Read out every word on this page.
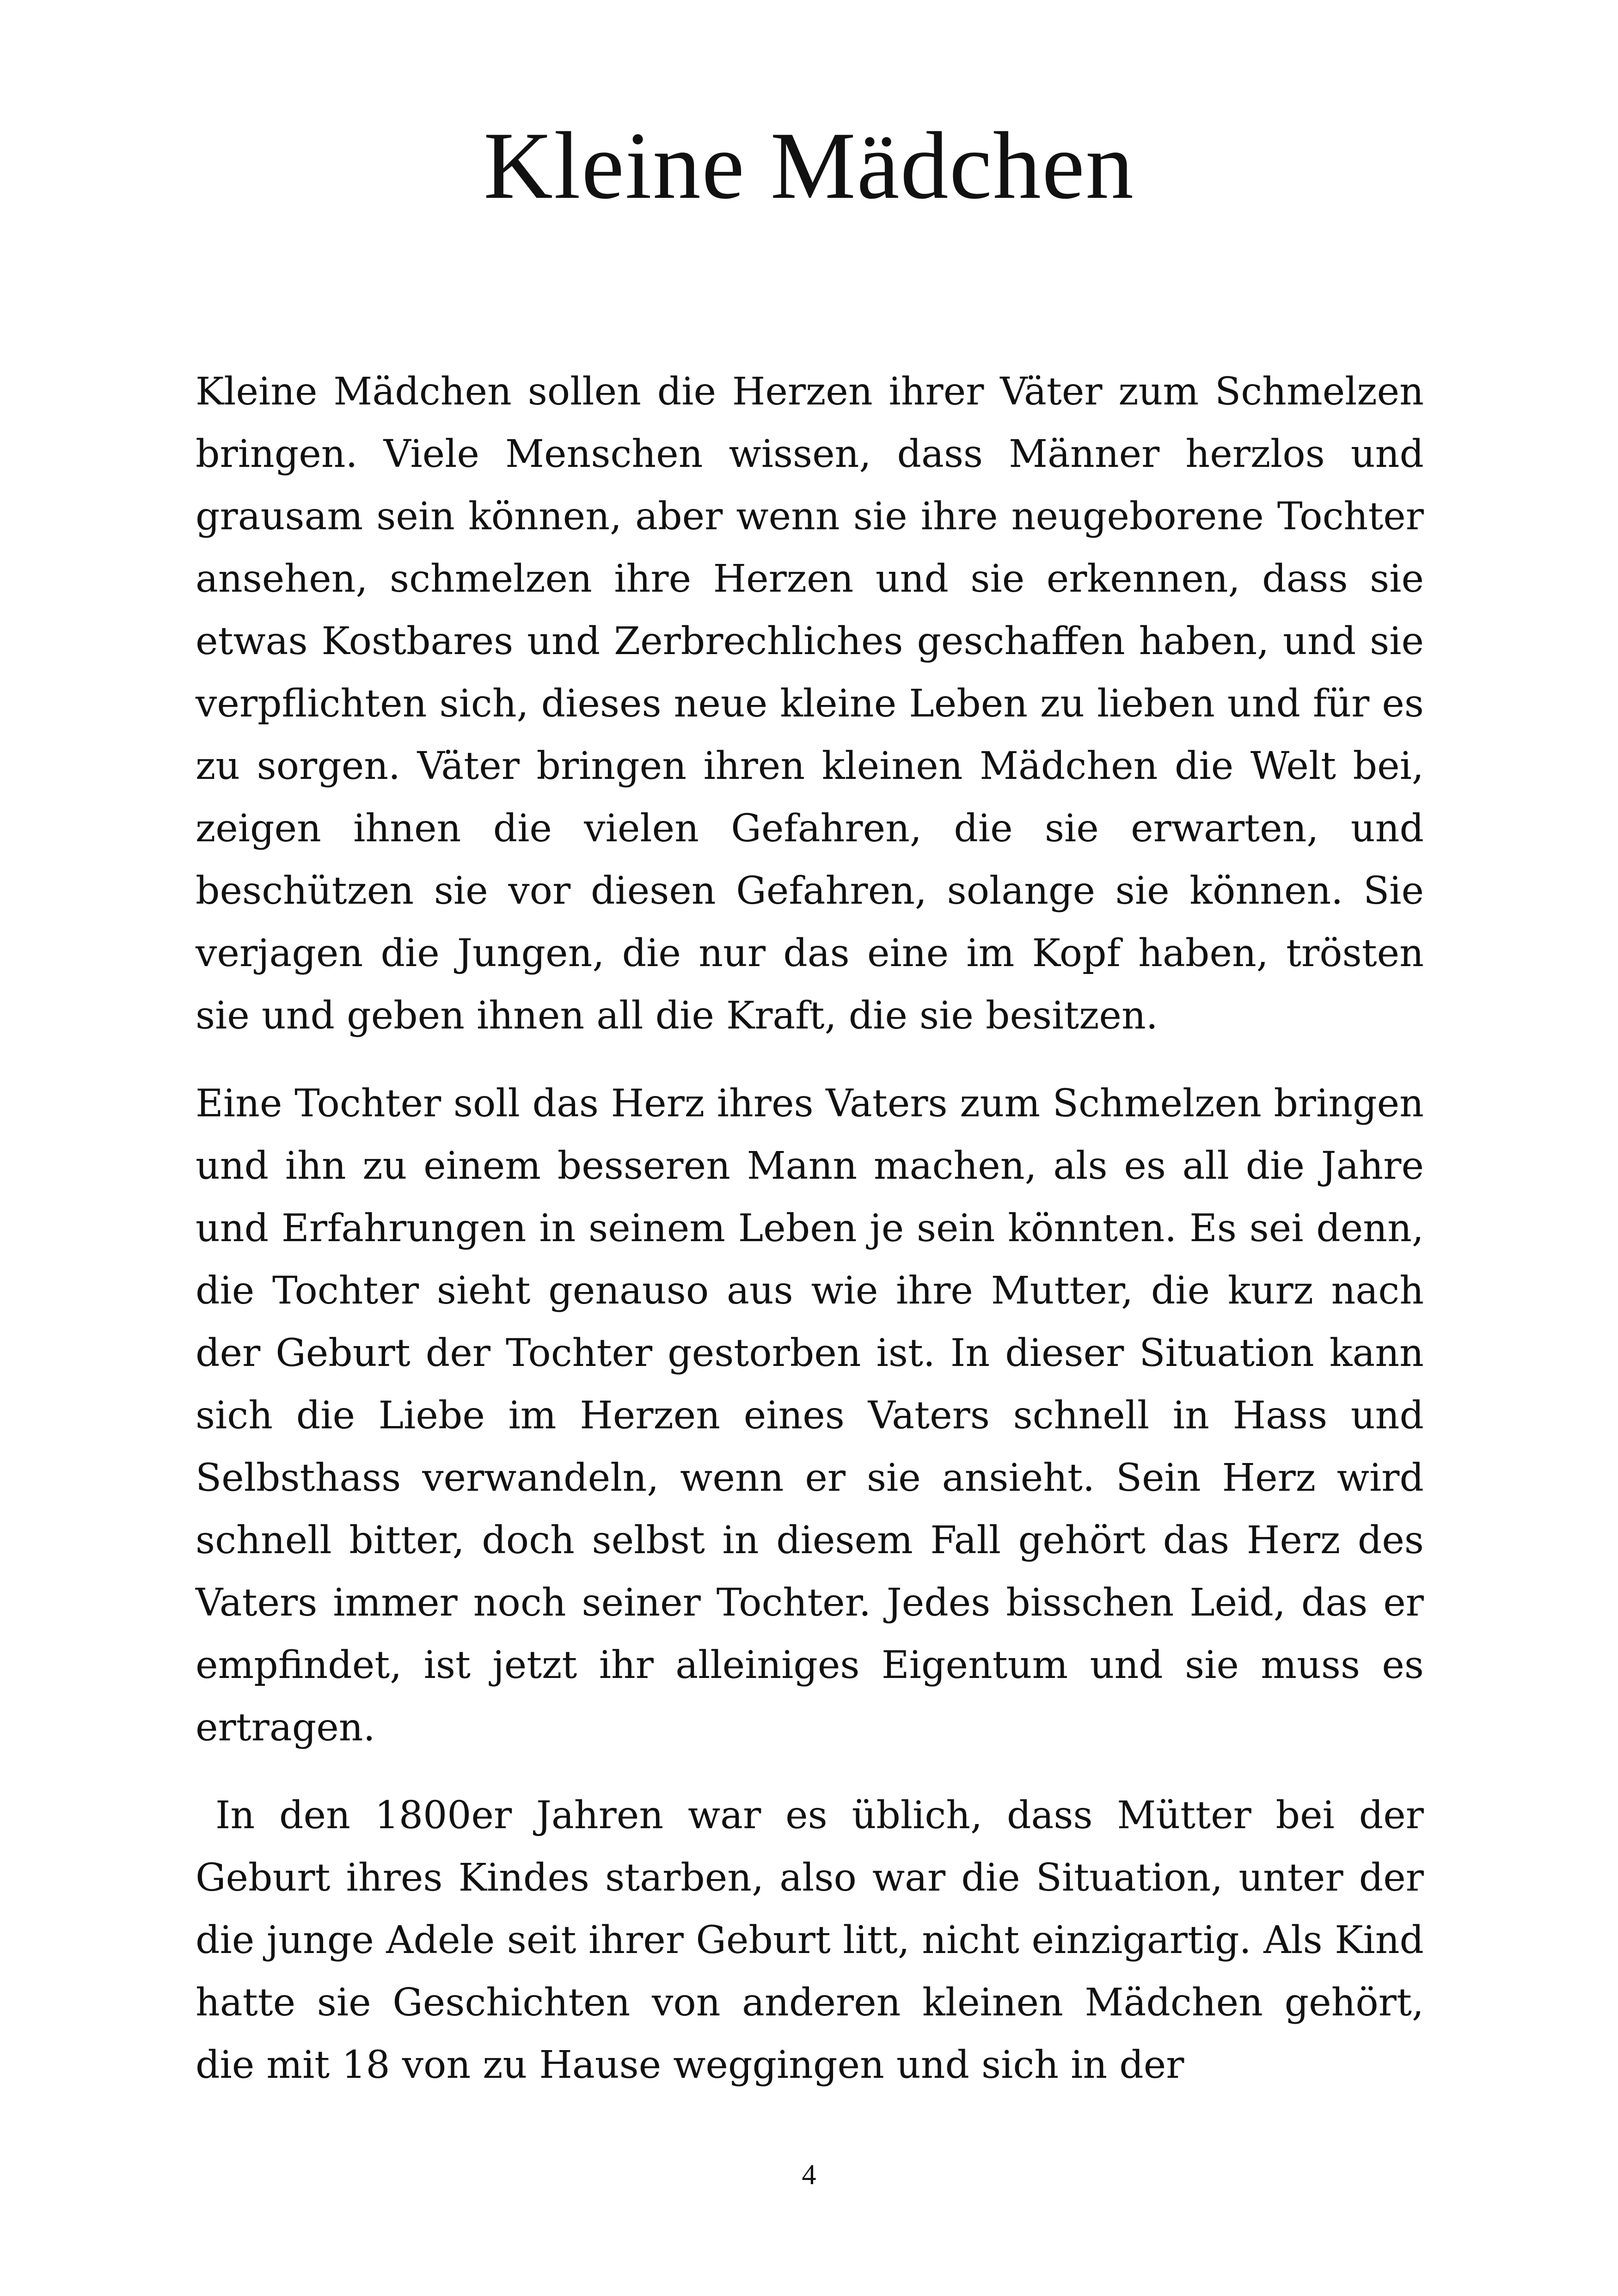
Kleine Mädchen

Kleine Mädchen sollen die Herzen ihrer Väter zum Schmelzen bringen. Viele Menschen wissen, dass Männer herzlos und grausam sein können, aber wenn sie ihre neugeborene Tochter ansehen, schmelzen ihre Herzen und sie erkennen, dass sie etwas Kostbares und Zerbrechliches geschaffen haben, und sie verpflichten sich, dieses neue kleine Leben zu lieben und für es zu sorgen. Väter bringen ihren kleinen Mädchen die Welt bei, zeigen ihnen die vielen Gefahren, die sie erwarten, und beschützen sie vor diesen Gefahren, solange sie können. Sie verjagen die Jungen, die nur das eine im Kopf haben, trösten sie und geben ihnen all die Kraft, die sie besitzen.

Eine Tochter soll das Herz ihres Vaters zum Schmelzen bringen und ihn zu einem besseren Mann machen, als es all die Jahre und Erfahrungen in seinem Leben je sein könnten. Es sei denn, die Tochter sieht genauso aus wie ihre Mutter, die kurz nach der Geburt der Tochter gestorben ist. In dieser Situation kann sich die Liebe im Herzen eines Vaters schnell in Hass und Selbsthass verwandeln, wenn er sie ansieht. Sein Herz wird schnell bitter, doch selbst in diesem Fall gehört das Herz des Vaters immer noch seiner Tochter. Jedes bisschen Leid, das er empfindet, ist jetzt ihr alleiniges Eigentum und sie muss es ertragen.

In den 1800er Jahren war es üblich, dass Mütter bei der Geburt ihres Kindes starben, also war die Situation, unter der die junge Adele seit ihrer Geburt litt, nicht einzigartig. Als Kind hatte sie Geschichten von anderen kleinen Mädchen gehört, die mit 18 von zu Hause weggingen und sich in der

4
